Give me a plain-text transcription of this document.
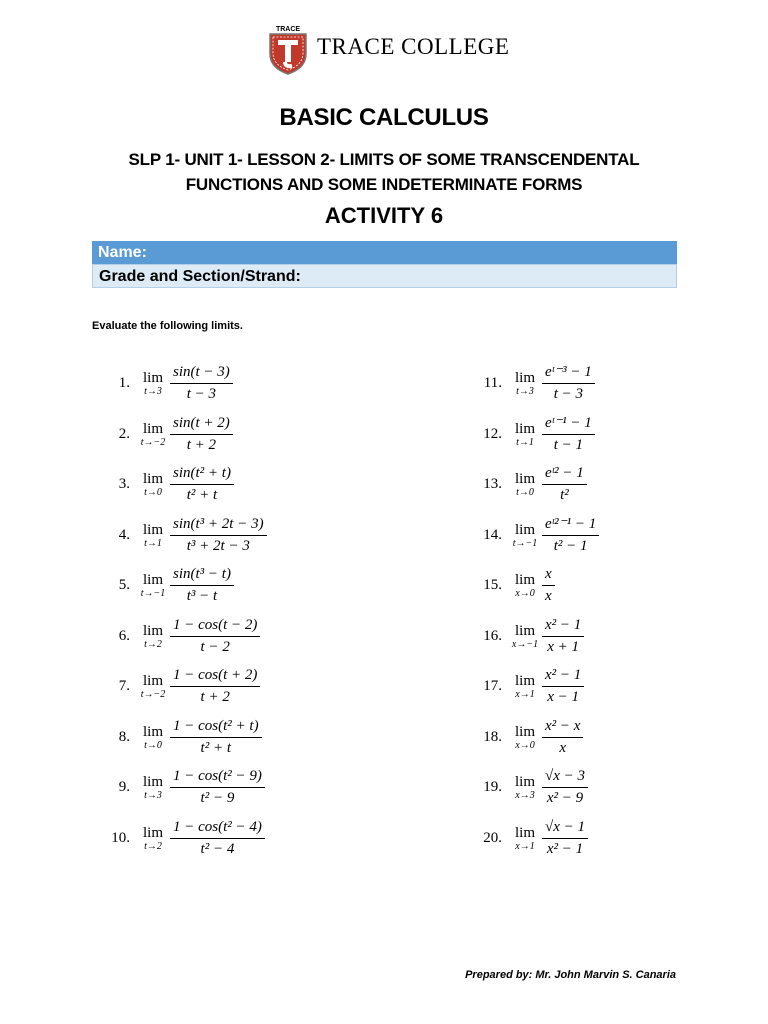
TRACE
TRACE COLLEGE
BASIC CALCULUS
SLP 1- UNIT 1- LESSON 2- LIMITS OF SOME TRANSCENDENTAL
FUNCTIONS AND SOME INDETERMINATE FORMS
ACTIVITY 6
Name:
Grade and Section/Strand:
Evaluate the following limits.
1. lim
$t\to 3 \frac{\sin(t - 3)}{t - 3}$
2. lim
$t\to-2 \frac{\sin(t + 2)}{t + 2}$
3. lim
$t\to 0 \frac{\text{sin(t² + t)}}{\text{t² + t}}$
4. lim
$t\to 1 \frac{\text{sin(t³ + 2t − 3)}}{\text{t³ + 2t − 3}}$
5. lim
$t\to-1 \frac{\text{sin(t³ − t)}}{\text{t³ − t}}$
6. lim
$t\to 2 \frac{1 - \cos(t - 2)}{t - 2}$
7. lim
$t\to-2 \frac{1 - \cos(t + 2)}{t + 2}$
8. lim
$t\to 0 \frac{\text{1 − cos(t² + t)}}{\text{t² + t}}$
9. lim
$t\to 3 \frac{\text{1 − cos(t² − 9)}}{\text{t² − 9}}$
10. lim
$t\to 2 \frac{\text{1 − cos(t² − 4)}}{\text{t² − 4}}$
11. lim
$t\to 3 \frac{\text{eᵗ⁻³ − 1}}{t - 3}$
12. lim
$t\to 1 \frac{\text{eᵗ⁻¹ − 1}}{t - 1}$
13. lim
$t\to 0 \frac{\text{eᵗ² − 1}}{\text{t²}}$
14. lim
$t\to-1 \frac{\text{eᵗ²⁻¹ − 1}}{\text{t² − 1}}$
15. lim
$x\to 0 \frac{x}{x}$
16. lim
$x\to-1 \frac{\text{x² − 1}}{x + 1}$
17. lim
$x\to 1 \frac{\text{x² − 1}}{x - 1}$
18. lim
$x\to 0 \frac{\text{x² − x}}{x}$
19. lim
$x\to 3 \frac{√x - 3}{\text{x² − 9}}$
20. lim
$x\to 1 \frac{√x - 1}{\text{x² − 1}}$
Prepared by: Mr. John Marvin S. Canaria
